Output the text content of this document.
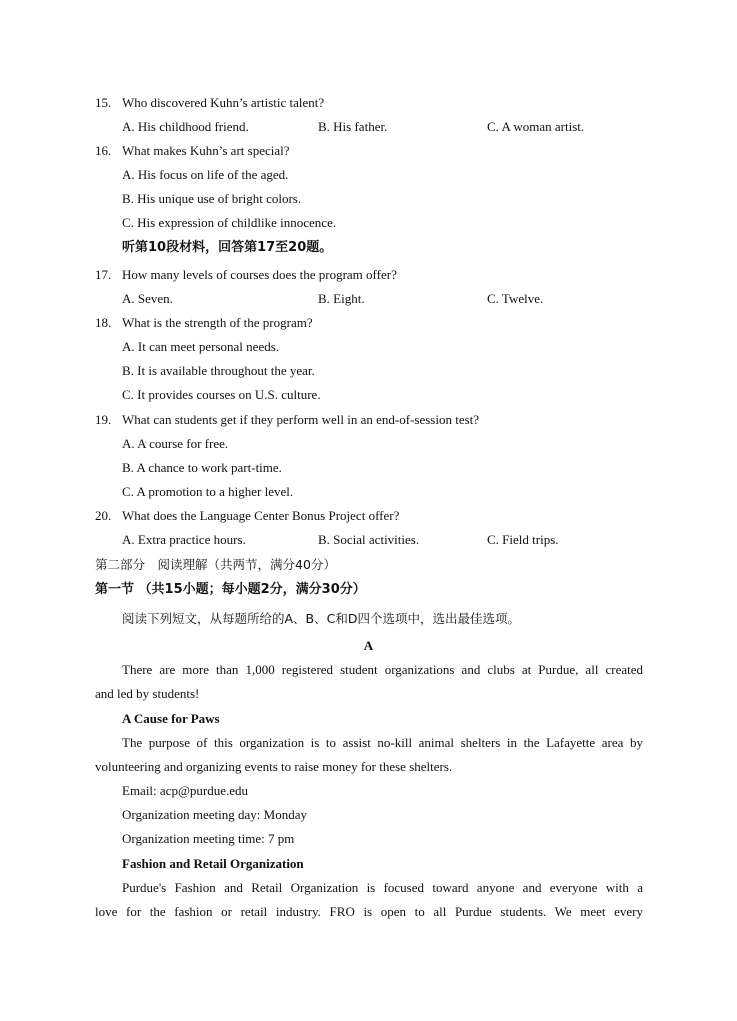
15. Who discovered Kuhn’s artistic talent?
A. His childhood friend.	B. His father.	C. A woman artist.
16. What makes Kuhn’s art special?
A. His focus on life of the aged.
B. His unique use of bright colors.
C. His expression of childlike innocence.
听第10段材料，回答第17至20题。
17. How many levels of courses does the program offer?
A. Seven.	B. Eight.	C. Twelve.
18. What is the strength of the program?
A. It can meet personal needs.
B. It is available throughout the year.
C. It provides courses on U.S. culture.
19. What can students get if they perform well in an end-of-session test?
A. A course for free.
B. A chance to work part-time.
C. A promotion to a higher level.
20. What does the Language Center Bonus Project offer?
A. Extra practice hours.	B. Social activities.	C. Field trips.
第二部分　阅读理解（共两节，满分40分）
第一节 （共15小题；每小题2分，满分30分）
阅读下列短文，从每题所给的A、B、C和D四个选项中，选出最佳选项。
A
There are more than 1,000 registered student organizations and clubs at Purdue, all created
and led by students!
A Cause for Paws
The purpose of this organization is to assist no-kill animal shelters in the Lafayette area by
volunteering and organizing events to raise money for these shelters.
Email: acp@purdue.edu
Organization meeting day: Monday
Organization meeting time: 7 pm
Fashion and Retail Organization
Purdue's Fashion and Retail Organization is focused toward anyone and everyone with a
love for the fashion or retail industry. FRO is open to all Purdue students. We meet every
